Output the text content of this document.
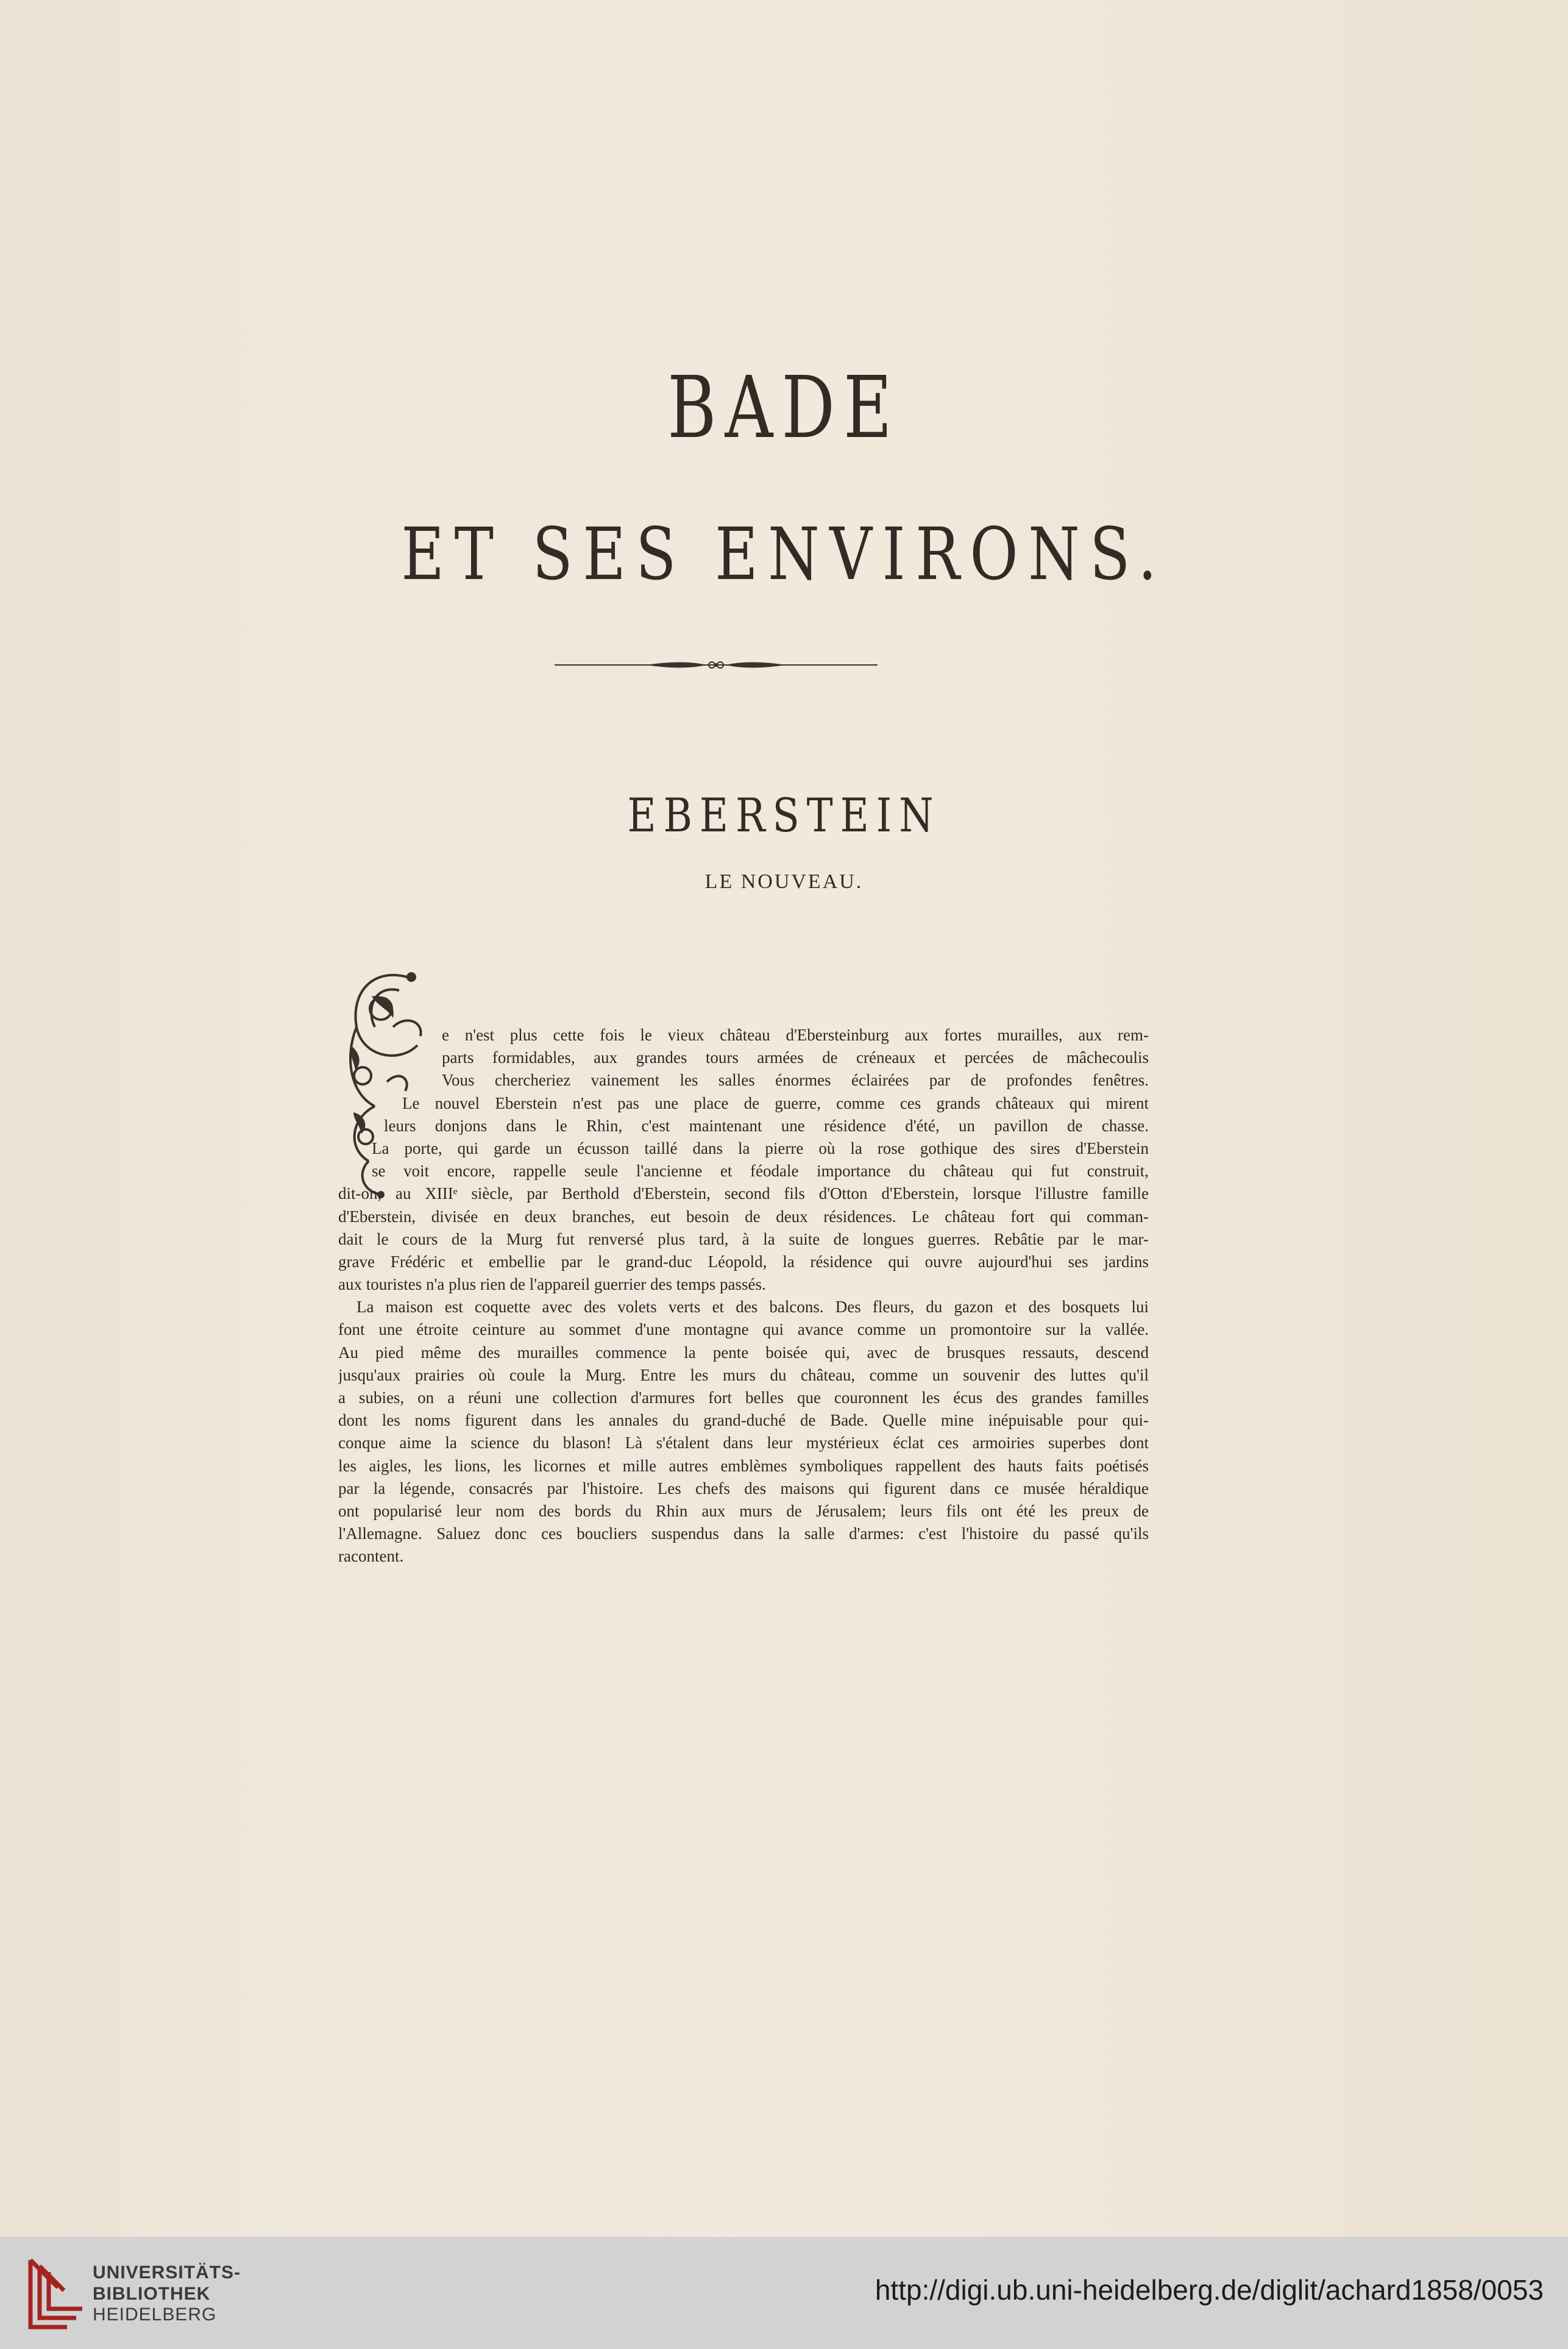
BADE
ET SES ENVIRONS.
EBERSTEIN
LE NOUVEAU.
e n'est plus cette fois le vieux château d'Ebersteinburg aux fortes murailles, aux rem-
parts formidables, aux grandes tours armées de créneaux et percées de mâchecoulis
Vous chercheriez vainement les salles énormes éclairées par de profondes fenêtres.
Le nouvel Eberstein n'est pas une place de guerre, comme ces grands châteaux qui mirent
leurs donjons dans le Rhin, c'est maintenant une résidence d'été, un pavillon de chasse.
La porte, qui garde un écusson taillé dans la pierre où la rose gothique des sires d'Eberstein
se voit encore, rappelle seule l'ancienne et féodale importance du château qui fut construit,
dit-on, au XIIIᵉ siècle, par Berthold d'Eberstein, second fils d'Otton d'Eberstein, lorsque l'illustre famille
d'Eberstein, divisée en deux branches, eut besoin de deux résidences. Le château fort qui comman-
dait le cours de la Murg fut renversé plus tard, à la suite de longues guerres. Rebâtie par le mar-
grave Frédéric et embellie par le grand-duc Léopold, la résidence qui ouvre aujourd'hui ses jardins
aux touristes n'a plus rien de l'appareil guerrier des temps passés.
La maison est coquette avec des volets verts et des balcons. Des fleurs, du gazon et des bosquets lui
font une étroite ceinture au sommet d'une montagne qui avance comme un promontoire sur la vallée.
Au pied même des murailles commence la pente boisée qui, avec de brusques ressauts, descend
jusqu'aux prairies où coule la Murg. Entre les murs du château, comme un souvenir des luttes qu'il
a subies, on a réuni une collection d'armures fort belles que couronnent les écus des grandes familles
dont les noms figurent dans les annales du grand-duché de Bade. Quelle mine inépuisable pour qui-
conque aime la science du blason! Là s'étalent dans leur mystérieux éclat ces armoiries superbes dont
les aigles, les lions, les licornes et mille autres emblèmes symboliques rappellent des hauts faits poétisés
par la légende, consacrés par l'histoire. Les chefs des maisons qui figurent dans ce musée héraldique
ont popularisé leur nom des bords du Rhin aux murs de Jérusalem; leurs fils ont été les preux de
l'Allemagne. Saluez donc ces boucliers suspendus dans la salle d'armes: c'est l'histoire du passé qu'ils
racontent.
UNIVERSITÄTS-
BIBLIOTHEK
HEIDELBERG
http://digi.ub.uni-heidelberg.de/diglit/achard1858/0053
